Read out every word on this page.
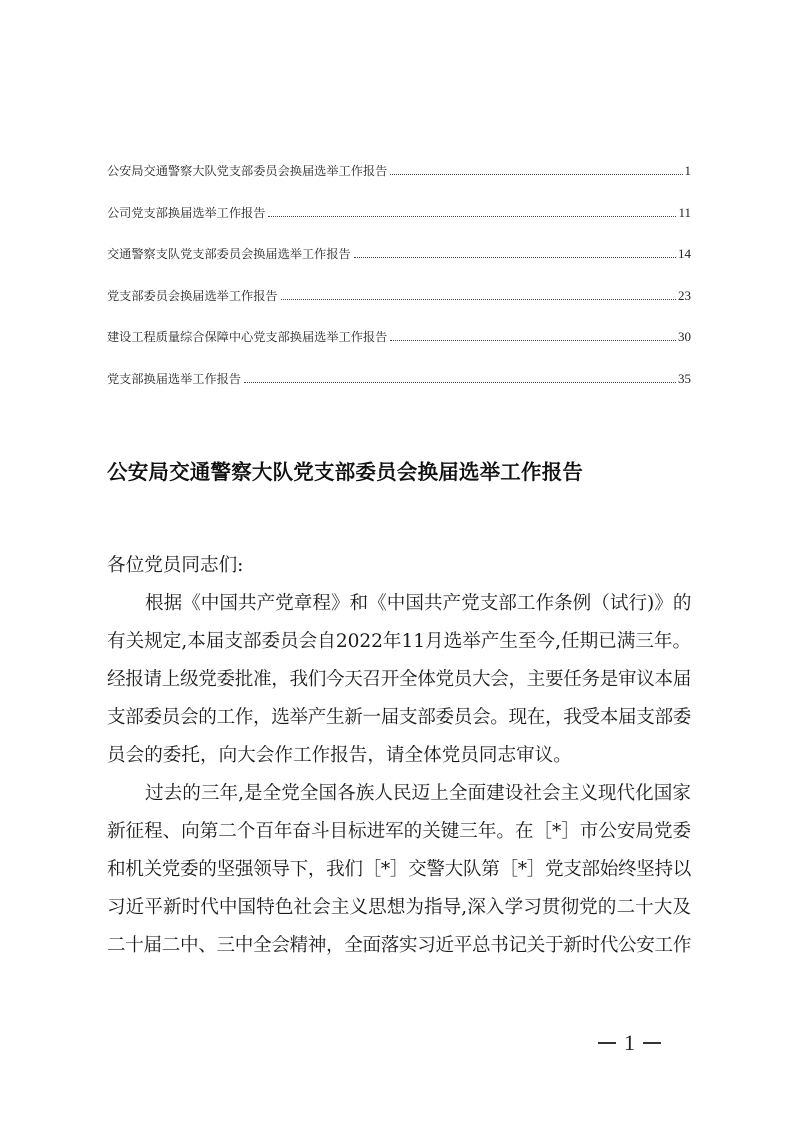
公安局交通警察大队党支部委员会换届选举工作报告	1
公司党支部换届选举工作报告	11
交通警察支队党支部委员会换届选举工作报告	14
党支部委员会换届选举工作报告	23
建设工程质量综合保障中心党支部换届选举工作报告	30
党支部换届选举工作报告	35
公安局交通警察大队党支部委员会换届选举工作报告
各位党员同志们:
根据《中国共产党章程》和《中国共产党支部工作条例（试行)》的
有关规定,本届支部委员会自2022年11月选举产生至今,任期已满三年。
经报请上级党委批准，我们今天召开全体党员大会，主要任务是审议本届
支部委员会的工作，选举产生新一届支部委员会。现在，我受本届支部委
员会的委托，向大会作工作报告，请全体党员同志审议。
过去的三年,是全党全国各族人民迈上全面建设社会主义现代化国家
新征程、向第二个百年奋斗目标进军的关键三年。在［*］市公安局党委
和机关党委的坚强领导下，我们［*］交警大队第［*］党支部始终坚持以
习近平新时代中国特色社会主义思想为指导,深入学习贯彻党的二十大及
二十届二中、三中全会精神，全面落实习近平总书记关于新时代公安工作
1
